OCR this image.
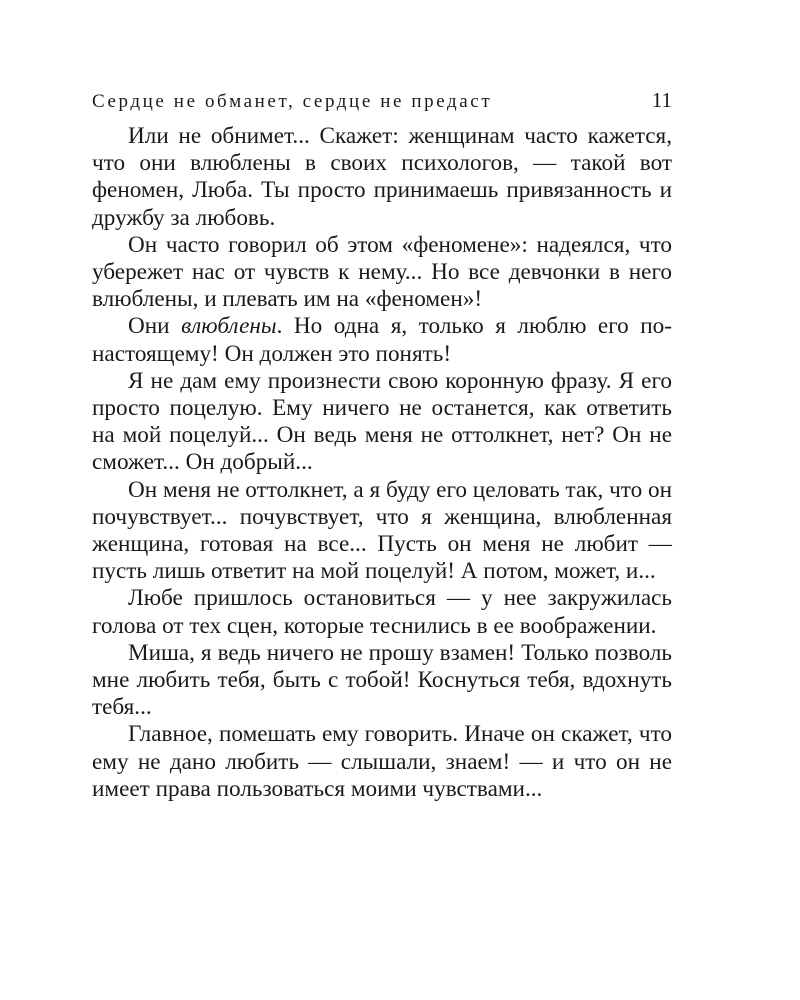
Сердце не обманет, сердце не предаст	11

Или не обнимет... Скажет: женщинам часто кажется, что они влюблены в своих психологов, — такой вот феномен, Люба. Ты просто принимаешь привязанность и дружбу за любовь.

Он часто говорил об этом «феномене»: надеялся, что убережет нас от чувств к нему... Но все девчонки в него влюблены, и плевать им на «феномен»!

Они влюблены. Но одна я, только я люблю его по-настоящему! Он должен это понять!

Я не дам ему произнести свою коронную фразу. Я его просто поцелую. Ему ничего не останется, как ответить на мой поцелуй... Он ведь меня не оттолкнет, нет? Он не сможет... Он добрый...

Он меня не оттолкнет, а я буду его целовать так, что он почувствует... почувствует, что я женщина, влюбленная женщина, готовая на все... Пусть он меня не любит — пусть лишь ответит на мой поцелуй! А потом, может, и...

Любе пришлось остановиться — у нее закружилась голова от тех сцен, которые теснились в ее воображении.

Миша, я ведь ничего не прошу взамен! Только позволь мне любить тебя, быть с тобой! Коснуться тебя, вдохнуть тебя...

Главное, помешать ему говорить. Иначе он скажет, что ему не дано любить — слышали, знаем! — и что он не имеет права пользоваться моими чувствами...
